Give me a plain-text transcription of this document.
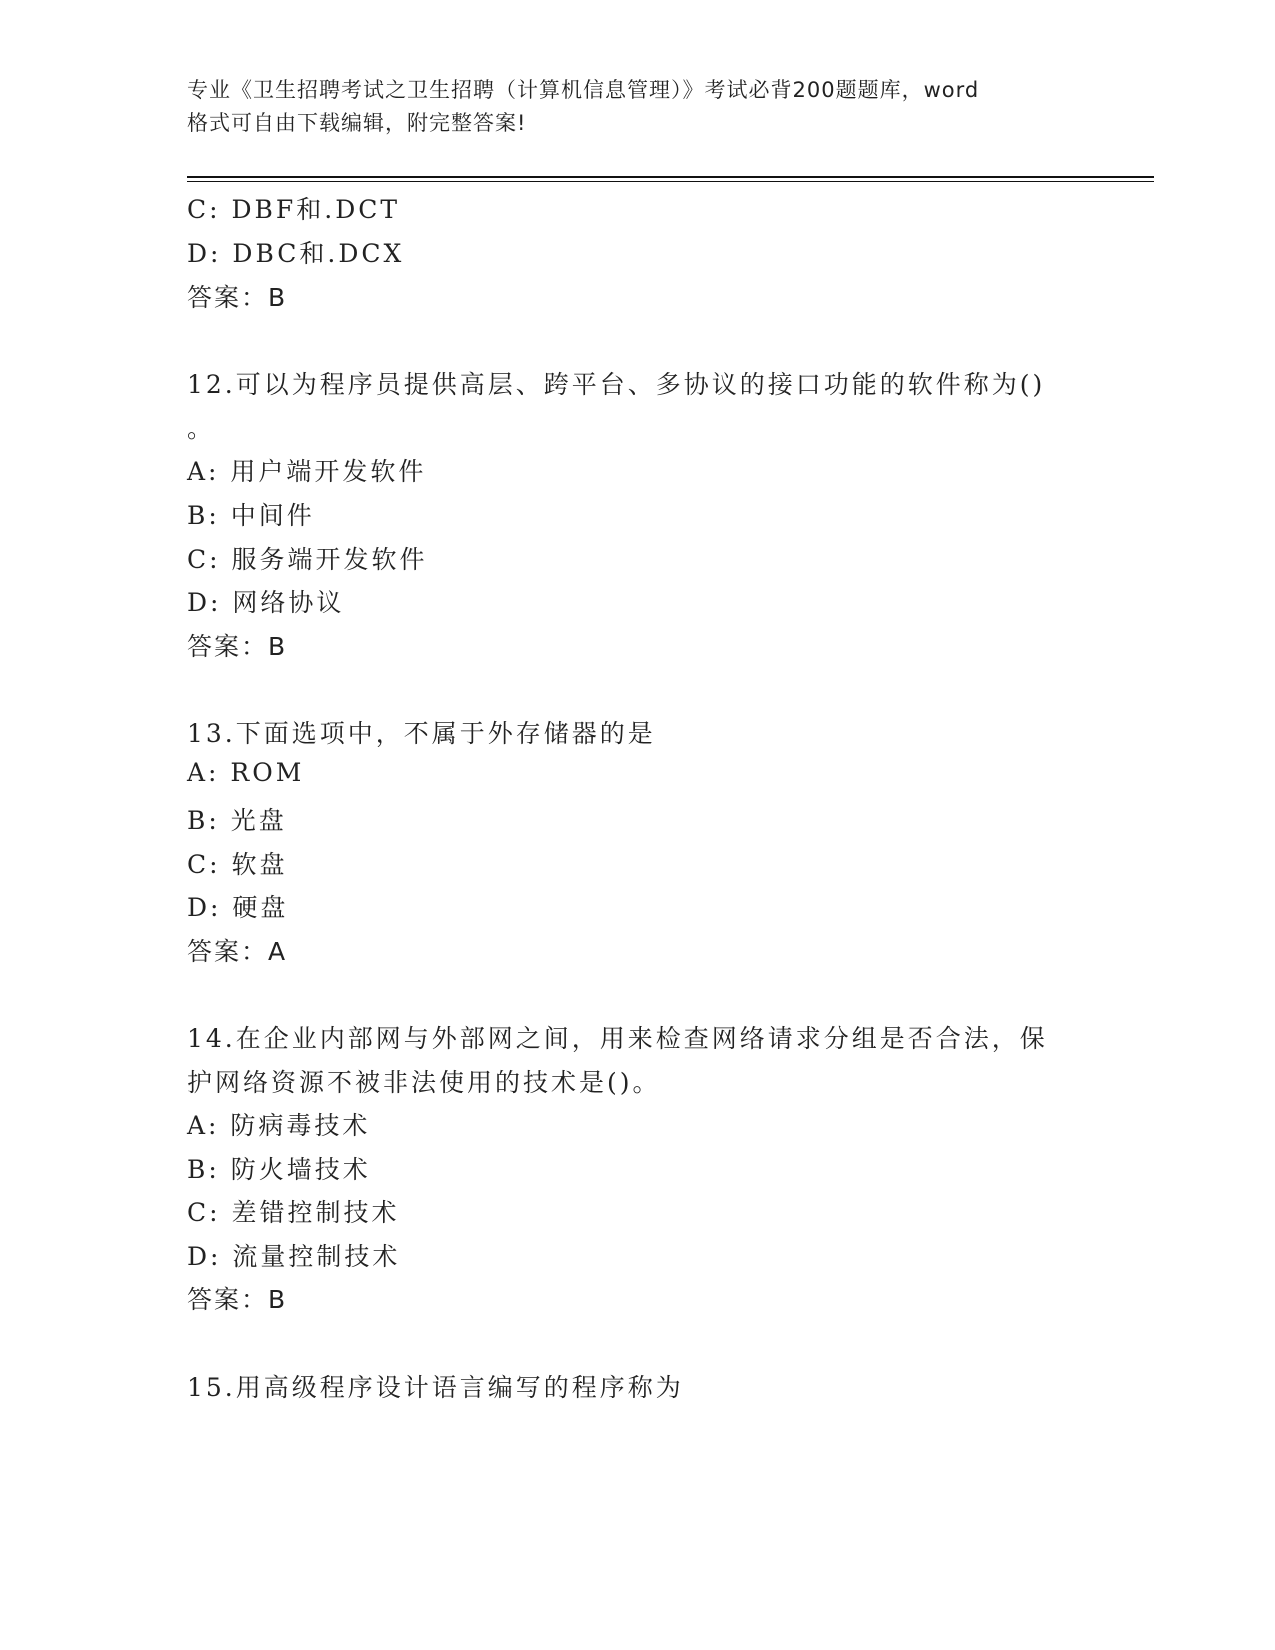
专业《卫生招聘考试之卫生招聘（计算机信息管理）》考试必背200题题库，word
格式可自由下载编辑，附完整答案!
C: DBF和.DCT
D: DBC和.DCX
答案：B
12.可以为程序员提供高层、跨平台、多协议的接口功能的软件称为()
。
A: 用户端开发软件
B: 中间件
C: 服务端开发软件
D: 网络协议
答案：B
13.下面选项中，不属于外存储器的是
A: ROM
B: 光盘
C: 软盘
D: 硬盘
答案：A
14.在企业内部网与外部网之间，用来检查网络请求分组是否合法，保
护网络资源不被非法使用的技术是()。
A: 防病毒技术
B: 防火墙技术
C: 差错控制技术
D: 流量控制技术
答案：B
15.用高级程序设计语言编写的程序称为
